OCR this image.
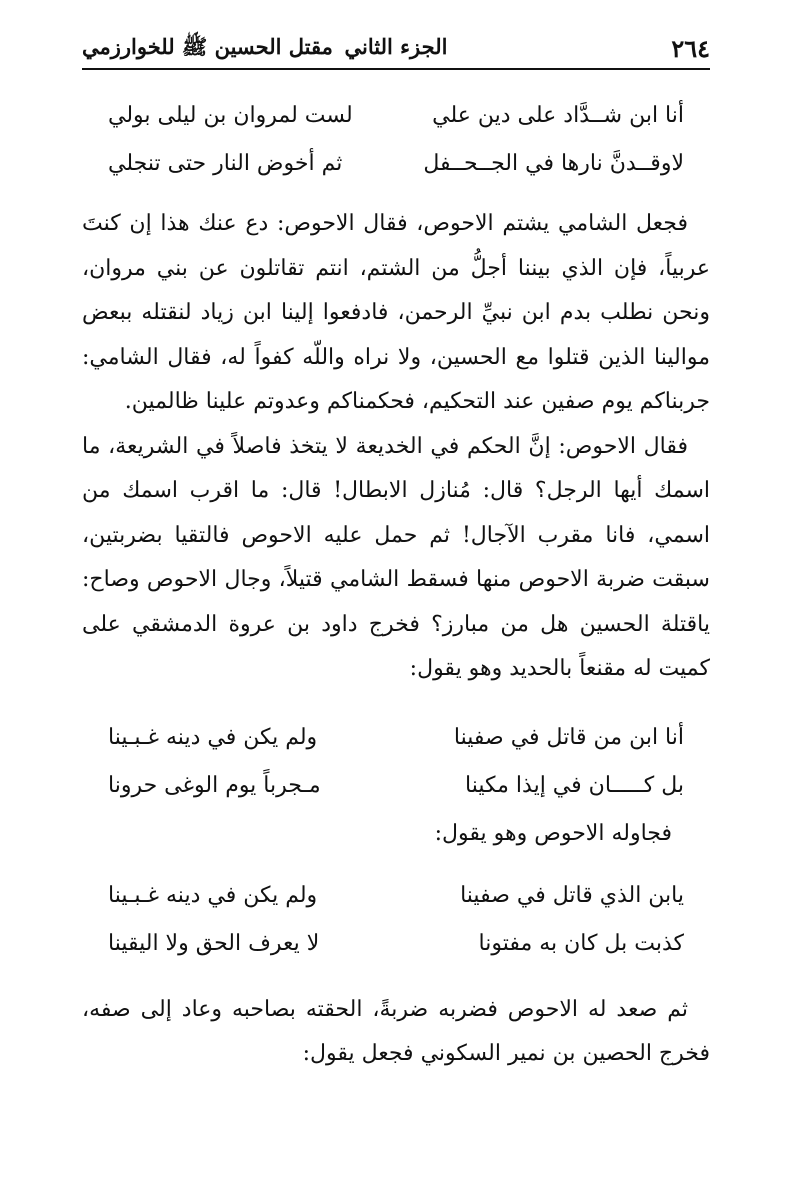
٢٦٤
الجزء الثاني
مقتل الحسين ﷺ للخوارزمي
أنا ابن شــدَّاد على دين علي
لست لمروان بن ليلى بولي
لاوقــدنَّ نارها في الجــحــفل
ثم أخوض النار حتى تنجلي

فجعل الشامي يشتم الاحوص، فقال الاحوص: دع عنك هذا إن كنتَ عربياً، فإن الذي بيننا أجلُّ من الشتم، انتم تقاتلون عن بني مروان، ونحن نطلب بدم ابن نبيِّ الرحمن، فادفعوا إلينا ابن زياد لنقتله ببعض موالينا الذين قتلوا مع الحسين، ولا نراه واللّه كفواً له، فقال الشامي: جربناكم يوم صفين عند التحكيم، فحكمناكم وعدوتم علينا ظالمين.

فقال الاحوص: إنَّ الحكم في الخديعة لا يتخذ فاصلاً في الشريعة، ما اسمك أيها الرجل؟ قال: مُنازل الابطال! قال: ما اقرب اسمك من اسمي، فانا مقرب الآجال! ثم حمل عليه الاحوص فالتقيا بضربتين، سبقت ضربة الاحوص منها فسقط الشامي قتيلاً، وجال الاحوص وصاح: ياقتلة الحسين هل من مبارز؟ فخرج داود بن عروة الدمشقي على كميت له مقنعاً بالحديد وهو يقول:

أنا ابن من قاتل في صفينا
ولم يكن في دينه غـبـينا
بل كـــــان في إيذا مكينا
مـجرباً يوم الوغى حرونا
فجاوله الاحوص وهو يقول:
يابن الذي قاتل في صفينا
ولم يكن في دينه غـبـينا
كذبت بل كان به مفتونا
لا يعرف الحق ولا اليقينا

ثم صعد له الاحوص فضربه ضربةً، الحقته بصاحبه وعاد إلى صفه، فخرج الحصين بن نمير السكوني فجعل يقول:
